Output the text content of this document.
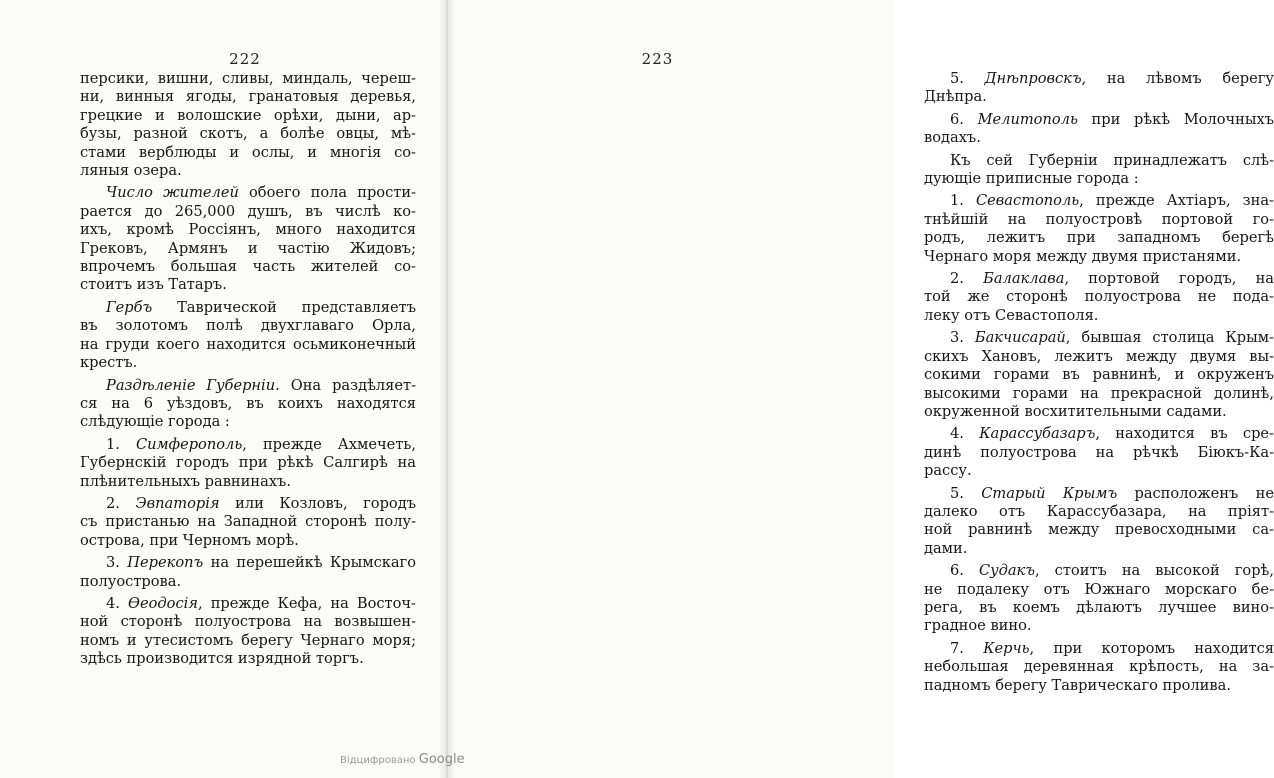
222
персики, вишни, сливы, миндаль, череш-
ни, винныя ягоды, гранатовыя деревья,
грецкие и волошские орѣхи, дыни, ар-
бузы, разной скотъ, а болѣе овцы, мѣ-
стами верблюды и ослы, и многія со-
ляныя озера.
Число жителей обоего пола прости-
рается до 265,000 душъ, въ числѣ ко-
ихъ, кромѣ Россіянъ, много находится
Грековъ, Армянъ и частію Жидовъ;
впрочемъ большая часть жителей со-
стоитъ изъ Татаръ.
Гербъ Таврической представляетъ
въ золотомъ полѣ двухглаваго Орла,
на груди коего находится осьмиконечный
крестъ.
Раздѣленіе Губерніи. Она раздѣляет-
ся на 6 уѣздовъ, въ коихъ находятся
слѣдующіе города :
1. Симферополь, прежде Ахмечеть,
Губернскій городъ при рѣкѣ Салгирѣ на
плѣнительныхъ равнинахъ.
2. Эвпаторія или Козловъ, городъ
съ пристанью на Западной сторонѣ полу-
острова, при Черномъ морѣ.
3. Перекопъ на перешейкѣ Крымскаго
полуострова.
4. Ѳеодосія, прежде Кефа, на Восточ-
ной сторонѣ полуострова на возвышен-
номъ и утесистомъ берегу Чернаго моря;
здѣсь производится изрядной торгъ.
223
5. Днѣпровскъ, на лѣвомъ берегу
Днѣпра.
6. Мелитополь при рѣкѣ Молочныхъ
водахъ.
Къ сей Губерніи принадлежатъ слѣ-
дующіе приписные города :
1. Севастополь, прежде Ахтіаръ, зна-
тнѣйшій на полуостровѣ портовой го-
родъ, лежитъ при западномъ берегѣ
Чернаго моря между двумя пристанями.
2. Балаклава, портовой городъ, на
той же сторонѣ полуострова не пода-
леку отъ Севастополя.
3. Бакчисарай, бывшая столица Крым-
скихъ Хановъ, лежитъ между двумя вы-
сокими горами въ равнинѣ, и окруженъ
высокими горами на прекрасной долинѣ,
окруженной восхитительными садами.
4. Карассубазаръ, находится въ сре-
динѣ полуострова на рѣчкѣ Біюкъ-Ка-
рассу.
5. Старый Крымъ расположенъ не
далеко отъ Карассубазара, на пріят-
ной равнинѣ между превосходными са-
дами.
6. Судакъ, стоитъ на высокой горѣ,
не подалеку отъ Южнаго морскаго бе-
рега, въ коемъ дѣлаютъ лучшее вино-
градное вино.
7. Керчь, при которомъ находится
небольшая деревянная крѣпость, на за-
падномъ берегу Таврическаго пролива.
Відцифровано Google
